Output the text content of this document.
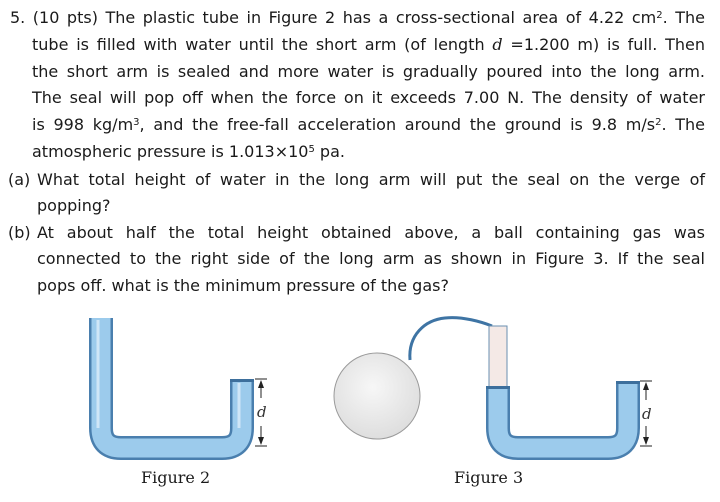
5. (10 pts) The plastic tube in Figure 2 has a cross-sectional area of 4.22 $cm^2$. The
tube is filled with water until the short arm (of length d =1.200 m) is full. Then
the short arm is sealed and more water is gradually poured into the long arm.
The seal will pop off when the force on it exceeds 7.00 N. The density of water
is 998 $kg/m^3$, and the free-fall acceleration around the ground is 9.8 $m/s^2$. The
atmospheric pressure is $1.013\times 10^5$ pa.
(a) What total height of water in the long arm will put the seal on the verge of
popping?
(b) At about half the total height obtained above, a ball containing gas was
connected to the right side of the long arm as shown in Figure 3. If the seal
pops off. what is the minimum pressure of the gas?
d	d
Figure 2	Figure 3
